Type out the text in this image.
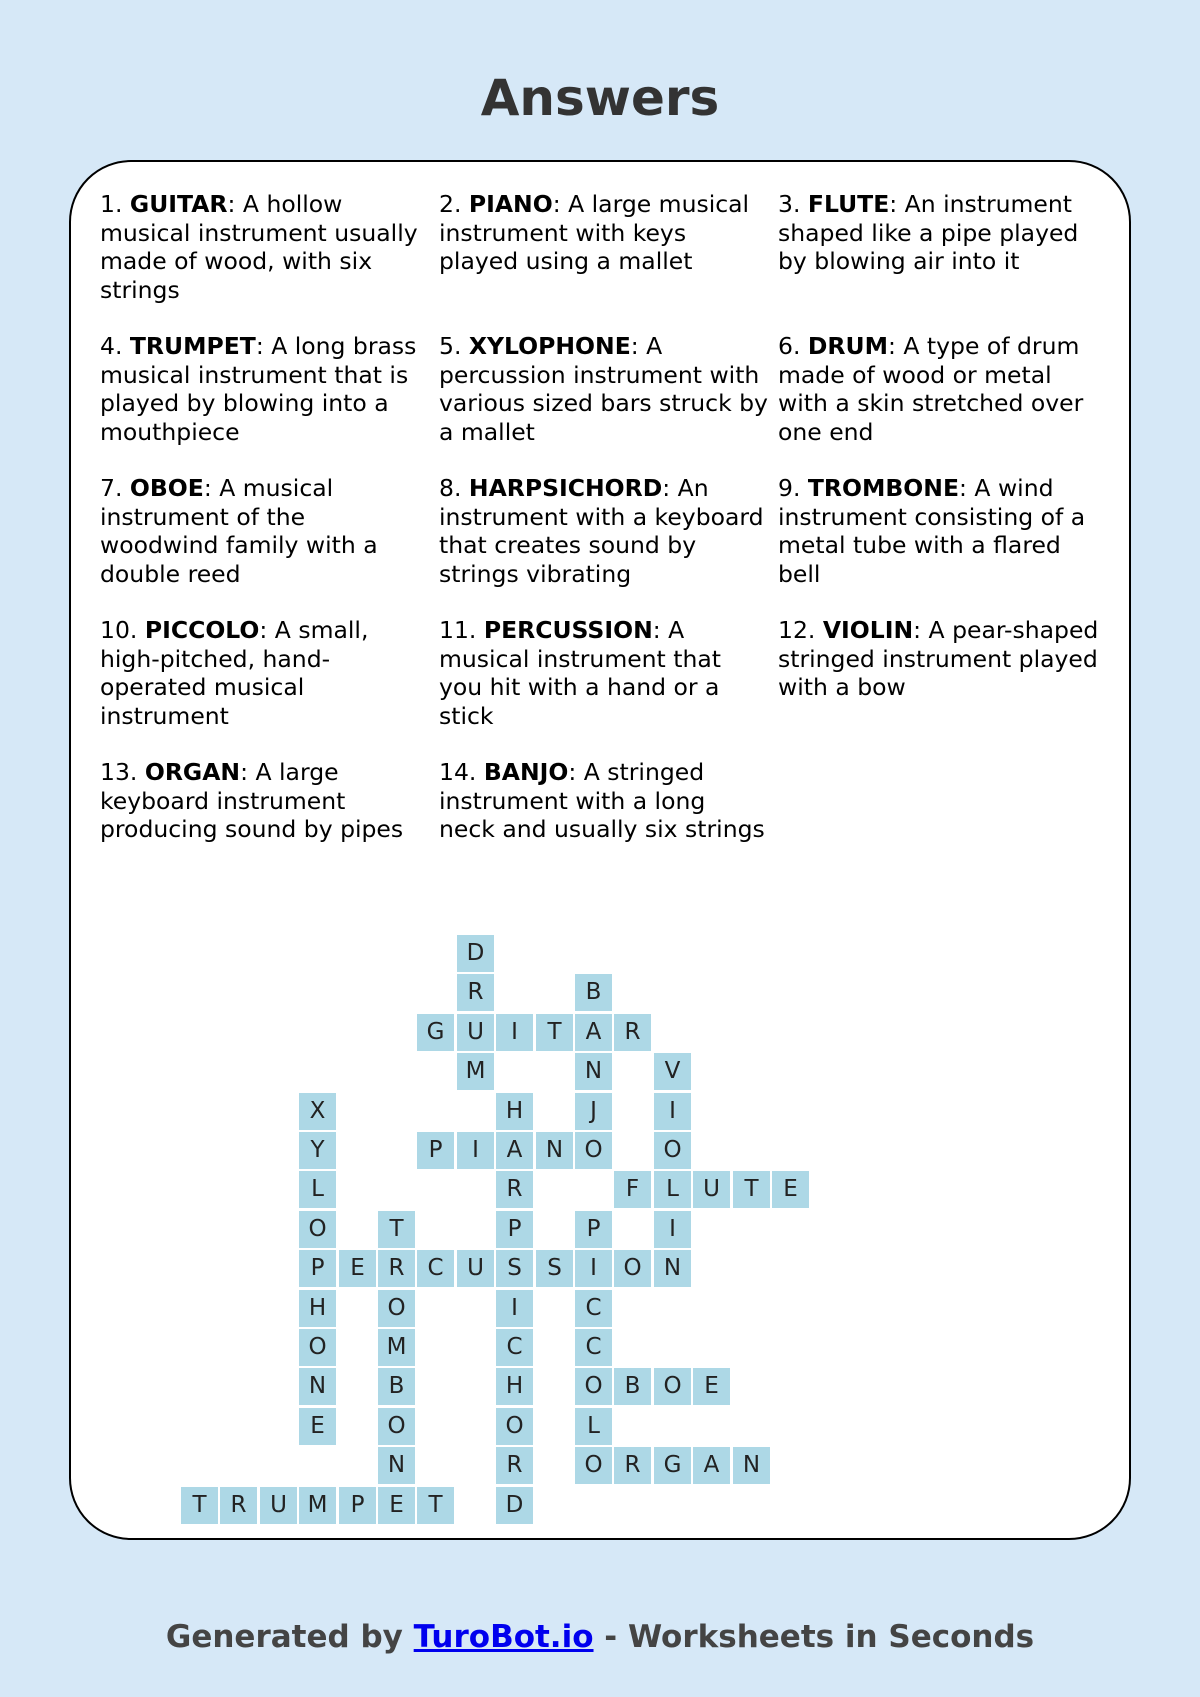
Answers
1. GUITAR: A hollow musical instrument usually made of wood, with six strings
2. PIANO: A large musical instrument with keys played using a mallet
3. FLUTE: An instrument shaped like a pipe played by blowing air into it
4. TRUMPET: A long brass musical instrument that is played by blowing into a mouthpiece
5. XYLOPHONE: A percussion instrument with various sized bars struck by a mallet
6. DRUM: A type of drum made of wood or metal with a skin stretched over one end
7. OBOE: A musical instrument of the woodwind family with a double reed
8. HARPSICHORD: An instrument with a keyboard that creates sound by strings vibrating
9. TROMBONE: A wind instrument consisting of a metal tube with a flared bell
10. PICCOLO: A small, high-pitched, hand-operated musical instrument
11. PERCUSSION: A musical instrument that you hit with a hand or a stick
12. VIOLIN: A pear-shaped stringed instrument played with a bow
13. ORGAN: A large keyboard instrument producing sound by pipes
14. BANJO: A stringed instrument with a long neck and usually six strings
D
R
U
M
B
A
N
J
O
G	I	T	R
V
I
O
L
I
N
X
Y
L
O
P
H
O
N
E
H
A
R
P
S
I
C
H
O
R
D
P	I	N
F	U	T	E
T
R
O
M
B
O
N
E
P
I
C
C
O
L
O
E	C	U	S	O
B	O E
R	G A	N
T	R	U M	P	T
Generated by TuroBot.io - Worksheets in Seconds
